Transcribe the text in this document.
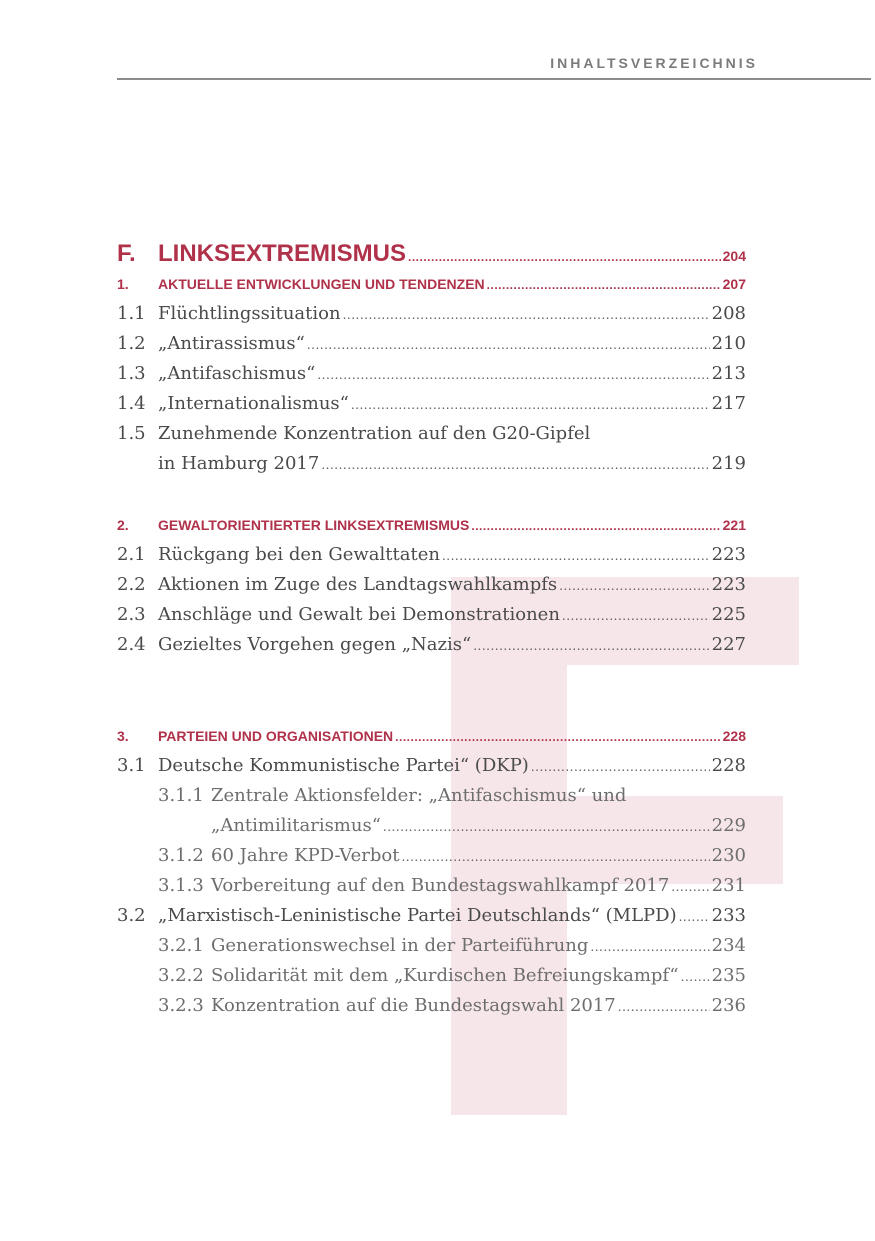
INHALTSVERZEICHNIS
F. LINKSEXTREMISMUS .....	204
1. AKTUELLE ENTWICKLUNGEN UND TENDENZEN .....	207
1.1 Flüchtlingssituation .....	208
1.2 „Antirassismus“ .....	210
1.3 „Antifaschismus“ .....	213
1.4 „Internationalismus“ .....	217
1.5 Zunehmende Konzentration auf den G20-Gipfel
in Hamburg 2017 .....	219
2. GEWALTORIENTIERTER LINKSEXTREMISMUS .....	221
2.1 Rückgang bei den Gewalttaten .....	223
2.2 Aktionen im Zuge des Landtagswahlkampfs .....	223
2.3 Anschläge und Gewalt bei Demonstrationen .....	225
2.4 Gezieltes Vorgehen gegen „Nazis“ .....	227
3. PARTEIEN UND ORGANISATIONEN .....	228
3.1 Deutsche Kommunistische Partei“ (DKP) .....	228
3.1.1 Zentrale Aktionsfelder: „Antifaschismus“ und
„Antimilitarismus“ .....	229
3.1.2 60 Jahre KPD-Verbot .....	230
3.1.3 Vorbereitung auf den Bundestagswahlkampf 2017 ..... 231
3.2 „Marxistisch-Leninistische Partei Deutschlands“ (MLPD) ..... 233
3.2.1 Generationswechsel in der Parteiführung .....	234
3.2.2 Solidarität mit dem „Kurdischen Befreiungskampf“ ..... 235
3.2.3 Konzentration auf die Bundestagswahl 2017 .....	236
